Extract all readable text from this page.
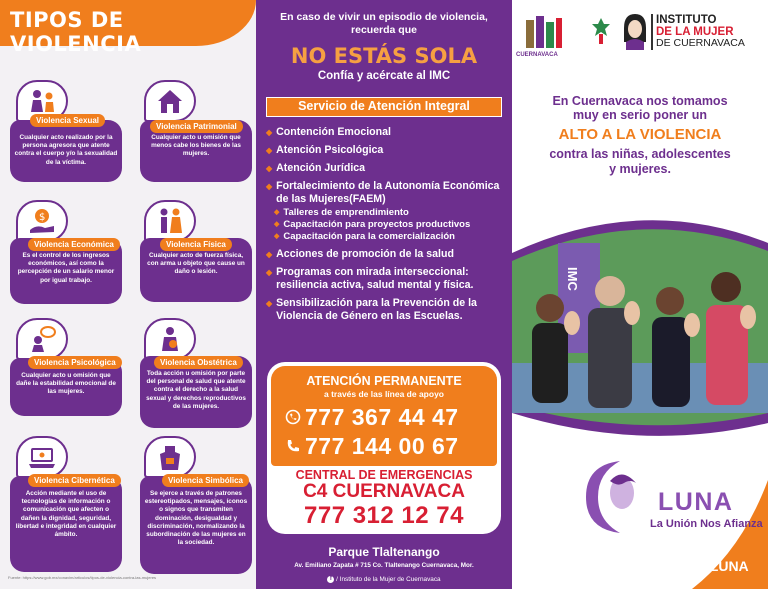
TIPOS DE VIOLENCIA

Cualquier acto realizado por la persona agresora que atente contra el cuerpo y/o la sexualidad de la víctima.

Violencia Sexual

Cualquier acto u omisión que menos cabe los bienes de las mujeres.

Violencia Patrimonial
$

Es el control de los ingresos económicos, así como la percepción de un salario menor por igual trabajo.

Violencia Económica

Cualquier acto de fuerza física, con arma u objeto que cause un daño o lesión.

Violencia Física

Cualquier acto u omisión que dañe la estabilidad emocional de las mujeres.

Violencia Psicológica

Toda acción u omisión por parte del personal de salud que atente contra el derecho a la salud sexual y derechos reproductivos de las mujeres.

Violencia Obstétrica

Acción mediante el uso de tecnologías de información o comunicación que afecten o dañen la dignidad, seguridad, libertad e integridad en cualquier ámbito.

Violencia Cibernética

Se ejerce a través de patrones estereotipados, mensajes, íconos o signos que transmiten dominación, desigualdad y discriminación, normalizando la subordinación de las mujeres en la sociedad.

Violencia Simbólica
Fuente: https://www.gob.mx/conavim/articulos/tipos-de-violencia-contra-las-mujeres
En caso de vivir un episodio de violencia,
recuerda que
NO ESTÁS SOLA
Confía y acércate al IMC
Servicio de Atención Integral
◆ Contención Emocional
◆ Atención Psicológica
◆ Atención Jurídica
◆ Fortalecimiento de la Autonomía Económica de las Mujeres(FAEM)
◆ Talleres de emprendimiento
◆ Capacitación para proyectos productivos
◆ Capacitación para la comercialización
◆ Acciones de promoción de la salud
◆ Programas con mirada interseccional: resiliencia activa, salud mental y física.
◆ Sensibilización para la Prevención de la Violencia de Género en las Escuelas.
ATENCIÓN PERMANENTE
a través de las línea de apoyo
777 367 44 47
777 144 00 67
CENTRAL DE EMERGENCIAS
C4 CUERNAVACA
777 312 12 74
Parque Tlaltenango
Av. Emiliano Zapata # 715 Co. Tlaltenango Cuernavaca, Mor.
f / Instituto de la Mujer de Cuernavaca
CUERNAVACA
INSTITUTO
DE LA MUJER
DE CUERNAVACA
En Cuernavaca nos tomamos
muy en serio poner un
ALTO A LA VIOLENCIA
contra las niñas, adolescentes
y mujeres.
IMC
LUNA
La Unión Nos Afianza
#LUNA
